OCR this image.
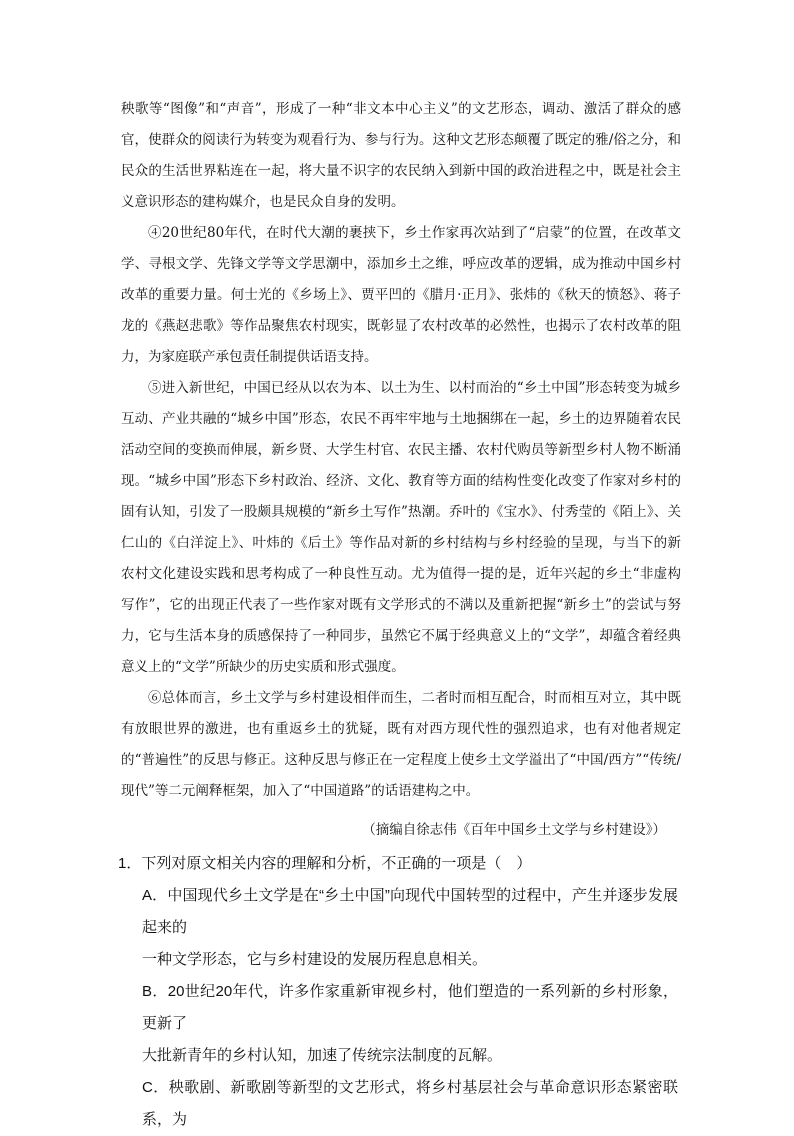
秧歌等“图像”和“声音”，形成了一种“非文本中心主义”的文艺形态，调动、激活了群众的感官，使群众的阅读行为转变为观看行为、参与行为。这种文艺形态颠覆了既定的雅/俗之分，和民众的生活世界粘连在一起，将大量不识字的农民纳入到新中国的政治进程之中，既是社会主义意识形态的建构媒介，也是民众自身的发明。

④20世纪80年代，在时代大潮的裹挟下，乡土作家再次站到了“启蒙”的位置，在改革文学、寻根文学、先锋文学等文学思潮中，添加乡土之维，呼应改革的逻辑，成为推动中国乡村改革的重要力量。何士光的《乡场上》、贾平凹的《腊月·正月》、张炜的《秋天的愤怒》、蒋子龙的《燕赵悲歌》等作品聚焦农村现实，既彰显了农村改革的必然性，也揭示了农村改革的阻力，为家庭联产承包责任制提供话语支持。

⑤进入新世纪，中国已经从以农为本、以土为生、以村而治的“乡土中国”形态转变为城乡互动、产业共融的“城乡中国”形态，农民不再牢牢地与土地捆绑在一起，乡土的边界随着农民活动空间的变换而伸展，新乡贤、大学生村官、农民主播、农村代购员等新型乡村人物不断涌现。“城乡中国”形态下乡村政治、经济、文化、教育等方面的结构性变化改变了作家对乡村的固有认知，引发了一股颇具规模的“新乡土写作”热潮。乔叶的《宝水》、付秀莹的《陌上》、关仁山的《白洋淀上》、叶炜的《后土》等作品对新的乡村结构与乡村经验的呈现，与当下的新农村文化建设实践和思考构成了一种良性互动。尤为值得一提的是，近年兴起的乡土“非虚构写作”，它的出现正代表了一些作家对既有文学形式的不满以及重新把握“新乡土”的尝试与努力，它与生活本身的质感保持了一种同步，虽然它不属于经典意义上的“文学”，却蕴含着经典意义上的“文学”所缺少的历史实质和形式强度。

⑥总体而言，乡土文学与乡村建设相伴而生，二者时而相互配合，时而相互对立，其中既有放眼世界的激进，也有重返乡土的犹疑，既有对西方现代性的强烈追求，也有对他者规定的“普遍性”的反思与修正。这种反思与修正在一定程度上使乡土文学溢出了“中国/西方”“传统/现代”等二元阐释框架，加入了“中国道路”的话语建构之中。

（摘编自徐志伟《百年中国乡土文学与乡村建设》）

1．下列对原文相关内容的理解和分析，不正确的一项是（　）

A．中国现代乡土文学是在“乡土中国”向现代中国转型的过程中，产生并逐步发展起来的
一种文学形态，它与乡村建设的发展历程息息相关。
B．20世纪20年代，许多作家重新审视乡村，他们塑造的一系列新的乡村形象，更新了
大批新青年的乡村认知，加速了传统宗法制度的瓦解。
C．秧歌剧、新歌剧等新型的文艺形式，将乡村基层社会与革命意识形态紧密联系，为
